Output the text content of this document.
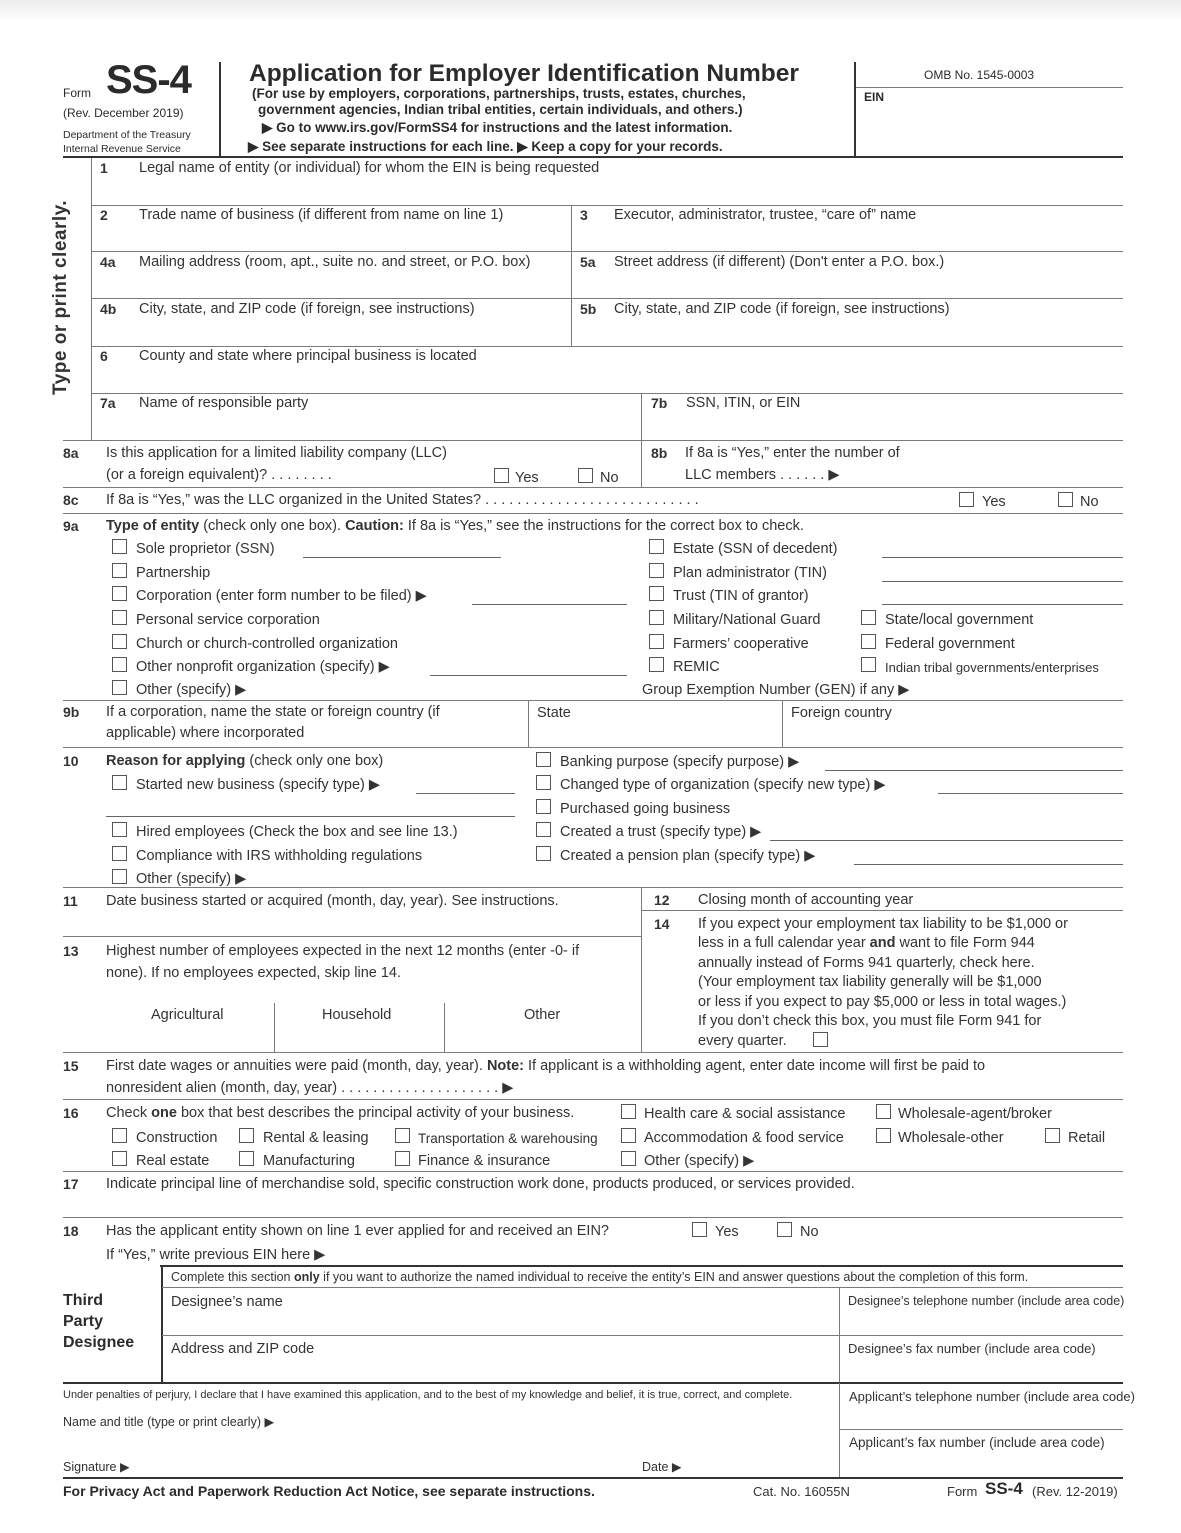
Form SS-4
(Rev. December 2019)
Department of the Treasury
Internal Revenue Service
Application for Employer Identification Number
(For use by employers, corporations, partnerships, trusts, estates, churches,
government agencies, Indian tribal entities, certain individuals, and others.)
▶ Go to www.irs.gov/FormSS4 for instructions and the latest information.
▶ See separate instructions for each line. ▶ Keep a copy for your records.
OMB No. 1545-0003
EIN
Type or print clearly.
1 Legal name of entity (or individual) for whom the EIN is being requested
2 Trade name of business (if different from name on line 1)	3 Executor, administrator, trustee, “care of” name
4a Mailing address (room, apt., suite no. and street, or P.O. box)	5a Street address (if different) (Don't enter a P.O. box.)
4b City, state, and ZIP code (if foreign, see instructions)	5b City, state, and ZIP code (if foreign, see instructions)
6 County and state where principal business is located
7a Name of responsible party	7b SSN, ITIN, or EIN
8a Is this application for a limited liability company (LLC)
(or a foreign equivalent)? . . . . . . . .	Yes	No
8b If 8a is “Yes,” enter the number of
LLC members . . . . . . ▶
8c If 8a is “Yes,” was the LLC organized in the United States? . . . . . . . . . . . . . . . . . . . . . . . . . . .	Yes	No
9a Type of entity (check only one box). Caution: If 8a is “Yes,” see the instructions for the correct box to check.
Sole proprietor (SSN)
Partnership
Corporation (enter form number to be filed) ▶
Personal service corporation
Church or church-controlled organization
Other nonprofit organization (specify) ▶
Other (specify) ▶
Estate (SSN of decedent)
Plan administrator (TIN)
Trust (TIN of grantor)
Military/National Guard
Farmers’ cooperative
REMIC
State/local government
Federal government
Indian tribal governments/enterprises
Group Exemption Number (GEN) if any ▶
9b If a corporation, name the state or foreign country (if
applicable) where incorporated
State	Foreign country
10 Reason for applying (check only one box)
Started new business (specify type) ▶
Hired employees (Check the box and see line 13.)
Compliance with IRS withholding regulations
Other (specify) ▶
Banking purpose (specify purpose) ▶
Changed type of organization (specify new type) ▶
Purchased going business
Created a trust (specify type) ▶
Created a pension plan (specify type) ▶
11 Date business started or acquired (month, day, year). See instructions.	12 Closing month of accounting year
13 Highest number of employees expected in the next 12 months (enter -0- if
none). If no employees expected, skip line 14.
Agricultural	Household	Other
14 If you expect your employment tax liability to be $1,000 or
less in a full calendar year and want to file Form 944
annually instead of Forms 941 quarterly, check here.
(Your employment tax liability generally will be $1,000
or less if you expect to pay $5,000 or less in total wages.)
If you don’t check this box, you must file Form 941 for
every quarter.
15 First date wages or annuities were paid (month, day, year). Note: If applicant is a withholding agent, enter date income will first be paid to
nonresident alien (month, day, year) . . . . . . . . . . . . . . . . . . . . ▶
16 Check one box that best describes the principal activity of your business.	Health care & social assistance	Wholesale-agent/broker
Construction	Rental & leasing	Transportation & warehousing	Accommodation & food service	Wholesale-other	Retail
Real estate	Manufacturing	Finance & insurance	Other (specify) ▶
17 Indicate principal line of merchandise sold, specific construction work done, products produced, or services provided.
18 Has the applicant entity shown on line 1 ever applied for and received an EIN?	Yes	No
If “Yes,” write previous EIN here ▶
Third
Party
Designee
Complete this section only if you want to authorize the named individual to receive the entity’s EIN and answer questions about the completion of this form.
Designee’s name	Designee’s telephone number (include area code)
Address and ZIP code	Designee’s fax number (include area code)
Under penalties of perjury, I declare that I have examined this application, and to the best of my knowledge and belief, it is true, correct, and complete.
Name and title (type or print clearly) ▶
Applicant’s telephone number (include area code)
Applicant’s fax number (include area code)
Signature ▶	Date ▶
For Privacy Act and Paperwork Reduction Act Notice, see separate instructions.	Cat. No. 16055N	Form SS-4 (Rev. 12-2019)
